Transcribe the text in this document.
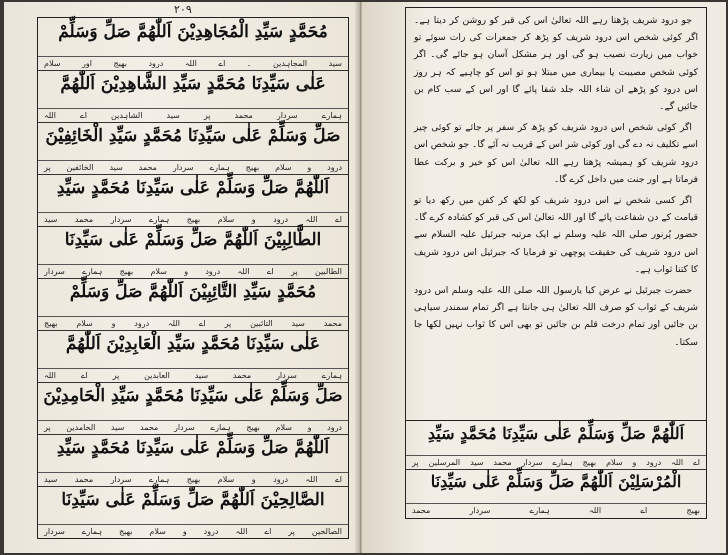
۲۰۹
مُحَمَّدٍ سَیِّدِ الْمُجَاهِدِیْنَ اَللّٰهُمَّ صَلِّ وَسَلِّمْ
سید المجاہدین ۔ اے اللہ درود بھیج اور سلام
عَلٰی سَیِّدِنَا مُحَمَّدٍ سَیِّدِ الشَّاهِدِیْنَ اَللّٰهُمَّ
ہمارے سردار محمد پر سید الشاہدین اے اللہ
صَلِّ وَسَلِّمْ عَلٰی سَیِّدِنَا مُحَمَّدٍ سَیِّدِ الْخَائِفِیْنَ
درود و سلام بھیج ہمارے سردار محمد سید الخائفین پر
اَللّٰهُمَّ صَلِّ وَسَلِّمْ عَلٰی سَیِّدِنَا مُحَمَّدٍ سَیِّدِ
اے اللہ درود و سلام بھیج ہمارے سردار محمد سید
الطَّالِبِیْنَ اَللّٰهُمَّ صَلِّ وَسَلِّمْ عَلٰی سَیِّدِنَا
الطالبین پر اے اللہ درود و سلام بھیج ہمارے سردار
مُحَمَّدٍ سَیِّدِ التَّائِبِیْنَ اَللّٰهُمَّ صَلِّ وَسَلِّمْ
محمد سید التائبین پر اے اللہ درود و سلام بھیج
عَلٰی سَیِّدِنَا مُحَمَّدٍ سَیِّدِ الْعَابِدِیْنَ اَللّٰهُمَّ
ہمارے سردار محمد سید العابدین پر اے اللہ
صَلِّ وَسَلِّمْ عَلٰی سَیِّدِنَا مُحَمَّدٍ سَیِّدِ الْحَامِدِیْنَ
درود و سلام بھیج ہمارے سردار محمد سید الحامدین پر
اَللّٰهُمَّ صَلِّ وَسَلِّمْ عَلٰی سَیِّدِنَا مُحَمَّدٍ سَیِّدِ
اے اللہ درود و سلام بھیج ہمارے سردار محمد سید
الصَّالِحِیْنَ اَللّٰهُمَّ صَلِّ وَسَلِّمْ عَلٰی سَیِّدِنَا
الصالحین پر اے اللہ درود و سلام بھیج ہمارے سردار

جو درود شریف پڑھتا رہے اللہ تعالیٰ اس کی قبر کو روشن کر دیتا ہے۔ اگر کوئی شخص اس درود شریف کو پڑھ کر جمعرات کی رات سوئے تو خواب میں زیارت نصیب ہو گی اور ہر مشکل آسان ہو جائے گی۔ اگر کوئی شخص مصیبت یا بیماری میں مبتلا ہو تو اس کو چاہیے کہ ہر روز اس درود کو پڑھے ان شاء اللہ جلد شفا پائے گا اور اس کے سب کام بن جائیں گے۔

اگر کوئی شخص اس درود شریف کو پڑھ کر سفر پر جائے تو کوئی چیز اسے تکلیف نہ دے گی اور کوئی شر اس کے قریب نہ آئے گا۔ جو شخص اس درود شریف کو ہمیشہ پڑھتا رہے اللہ تعالیٰ اس کو خیر و برکت عطا فرماتا ہے اور جنت میں داخل کرے گا۔

اگر کسی شخص نے اس درود شریف کو لکھ کر کفن میں رکھ دیا تو قیامت کے دن شفاعت پائے گا اور اللہ تعالیٰ اس کی قبر کو کشادہ کرے گا۔ حضور پُرنور صلی اللہ علیہ وسلم نے ایک مرتبہ جبرئیل علیہ السلام سے اس درود شریف کی حقیقت پوچھی تو فرمایا کہ جبرئیل اس درود شریف کا کتنا ثواب ہے۔

حضرت جبرئیل نے عرض کیا یارسول اللہ صلی اللہ علیہ وسلم اس درود شریف کے ثواب کو صرف اللہ تعالیٰ ہی جانتا ہے اگر تمام سمندر سیاہی بن جائیں اور تمام درخت قلم بن جائیں تو بھی اس کا ثواب نہیں لکھا جا سکتا۔

اَللّٰهُمَّ صَلِّ وَسَلِّمْ عَلٰی سَیِّدِنَا مُحَمَّدٍ سَیِّدِ
اے اللہ درود و سلام بھیج ہمارے سردار محمد سید المرسلین پر
الْمُرْسَلِیْنَ اَللّٰهُمَّ صَلِّ وَسَلِّمْ عَلٰی سَیِّدِنَا
بھیج اے اللہ ہمارے سردار محمد
